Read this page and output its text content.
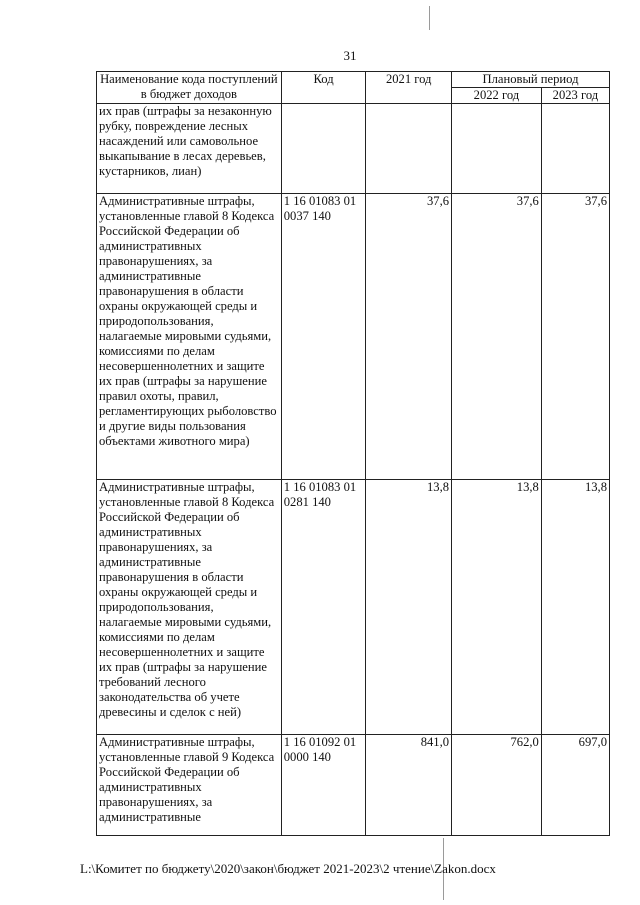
31
Наименование кода поступлений в бюджет доходов	Код	2021 год	Плановый период	
			2022 год	2023 год
их прав (штрафы за незаконную рубку, повреждение лесных насаждений или самовольное выкапывание в лесах деревьев, кустарников, лиан)				
Административные штрафы, установленные главой 8 Кодекса Российской Федерации об административных правонарушениях, за административные правонарушения в области охраны окружающей среды и природопользования, налагаемые мировыми судьями, комиссиями по делам несовершеннолетних и защите их прав (штрафы за нарушение правил охоты, правил, регламентирующих рыболовство и другие виды пользования объектами животного мира)	1 16 01083 01 0037 140	37,6	37,6	37,6
Административные штрафы, установленные главой 8 Кодекса Российской Федерации об административных правонарушениях, за административные правонарушения в области охраны окружающей среды и природопользования, налагаемые мировыми судьями, комиссиями по делам несовершеннолетних и защите их прав (штрафы за нарушение требований лесного законодательства об учете древесины и сделок с ней)	1 16 01083 01 0281 140	13,8	13,8	13,8
Административные штрафы, установленные главой 9 Кодекса Российской Федерации об административных правонарушениях, за административные	1 16 01092 01 0000 140	841,0	762,0	697,0
L:\Комитет по бюджету\2020\закон\бюджет 2021-2023\2 чтение\Zakon.docx
